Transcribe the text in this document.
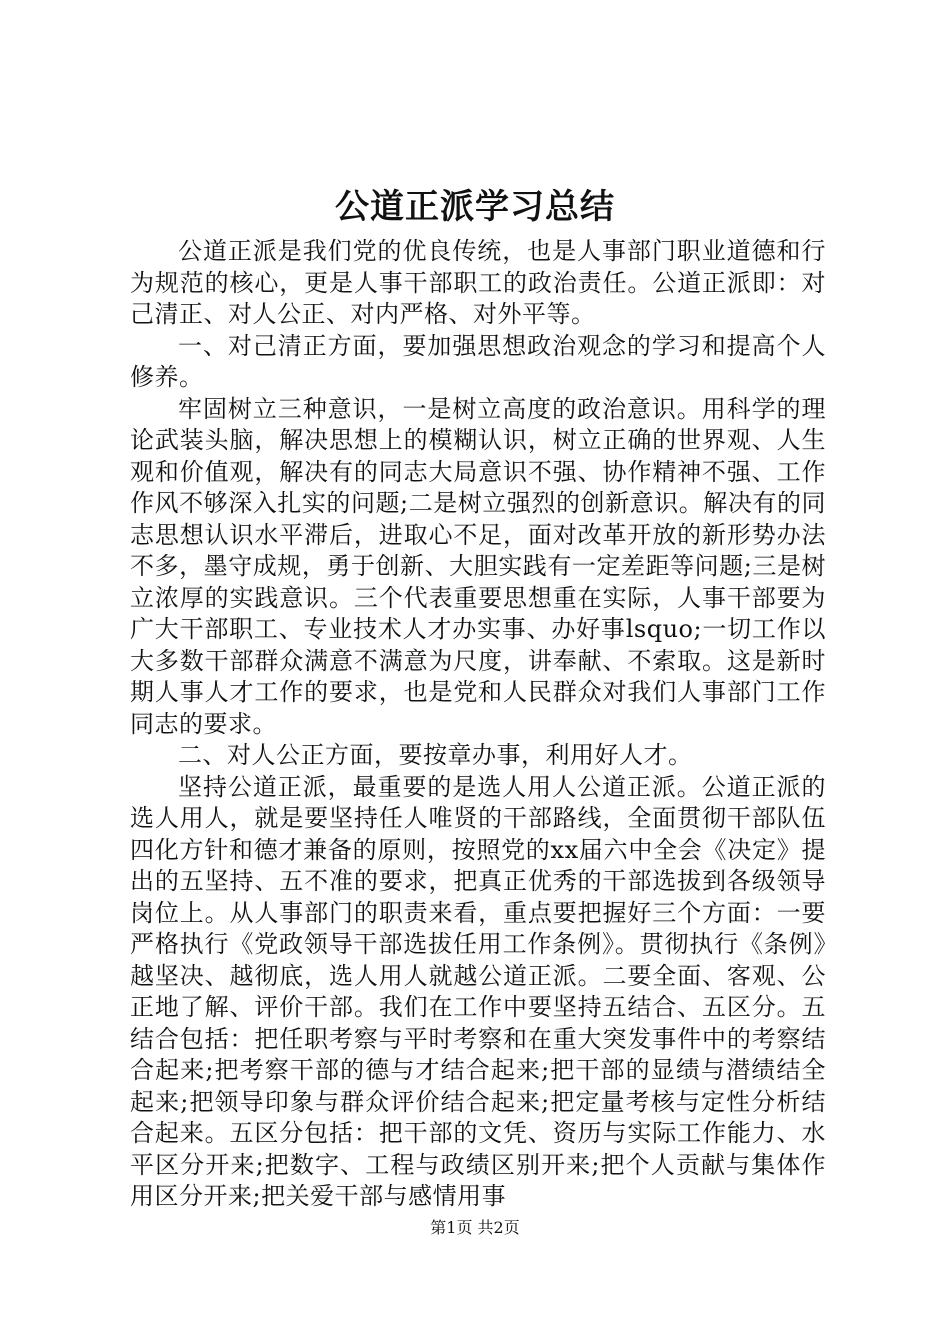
公道正派学习总结

公道正派是我们党的优良传统，也是人事部门职业道德和行为规范的核心，更是人事干部职工的政治责任。公道正派即：对己清正、对人公正、对内严格、对外平等。

一、对己清正方面，要加强思想政治观念的学习和提高个人修养。

牢固树立三种意识，一是树立高度的政治意识。用科学的理论武装头脑，解决思想上的模糊认识，树立正确的世界观、人生观和价值观，解决有的同志大局意识不强、协作精神不强、工作作风不够深入扎实的问题;二是树立强烈的创新意识。解决有的同志思想认识水平滞后，进取心不足，面对改革开放的新形势办法不多，墨守成规，勇于创新、大胆实践有一定差距等问题;三是树立浓厚的实践意识。三个代表重要思想重在实际，人事干部要为广大干部职工、专业技术人才办实事、办好事lsquo;一切工作以大多数干部群众满意不满意为尺度，讲奉献、不索取。这是新时期人事人才工作的要求，也是党和人民群众对我们人事部门工作同志的要求。

二、对人公正方面，要按章办事，利用好人才。

坚持公道正派，最重要的是选人用人公道正派。公道正派的选人用人，就是要坚持任人唯贤的干部路线，全面贯彻干部队伍四化方针和德才兼备的原则，按照党的xx届六中全会《决定》提出的五坚持、五不准的要求，把真正优秀的干部选拔到各级领导岗位上。从人事部门的职责来看，重点要把握好三个方面：一要严格执行《党政领导干部选拔任用工作条例》。贯彻执行《条例》越坚决、越彻底，选人用人就越公道正派。二要全面、客观、公正地了解、评价干部。我们在工作中要坚持五结合、五区分。五结合包括：把任职考察与平时考察和在重大突发事件中的考察结合起来;把考察干部的德与才结合起来;把干部的显绩与潜绩结全起来;把领导印象与群众评价结合起来;把定量考核与定性分析结合起来。五区分包括：把干部的文凭、资历与实际工作能力、水平区分开来;把数字、工程与政绩区别开来;把个人贡献与集体作用区分开来;把关爱干部与感情用事

第1页 共2页
